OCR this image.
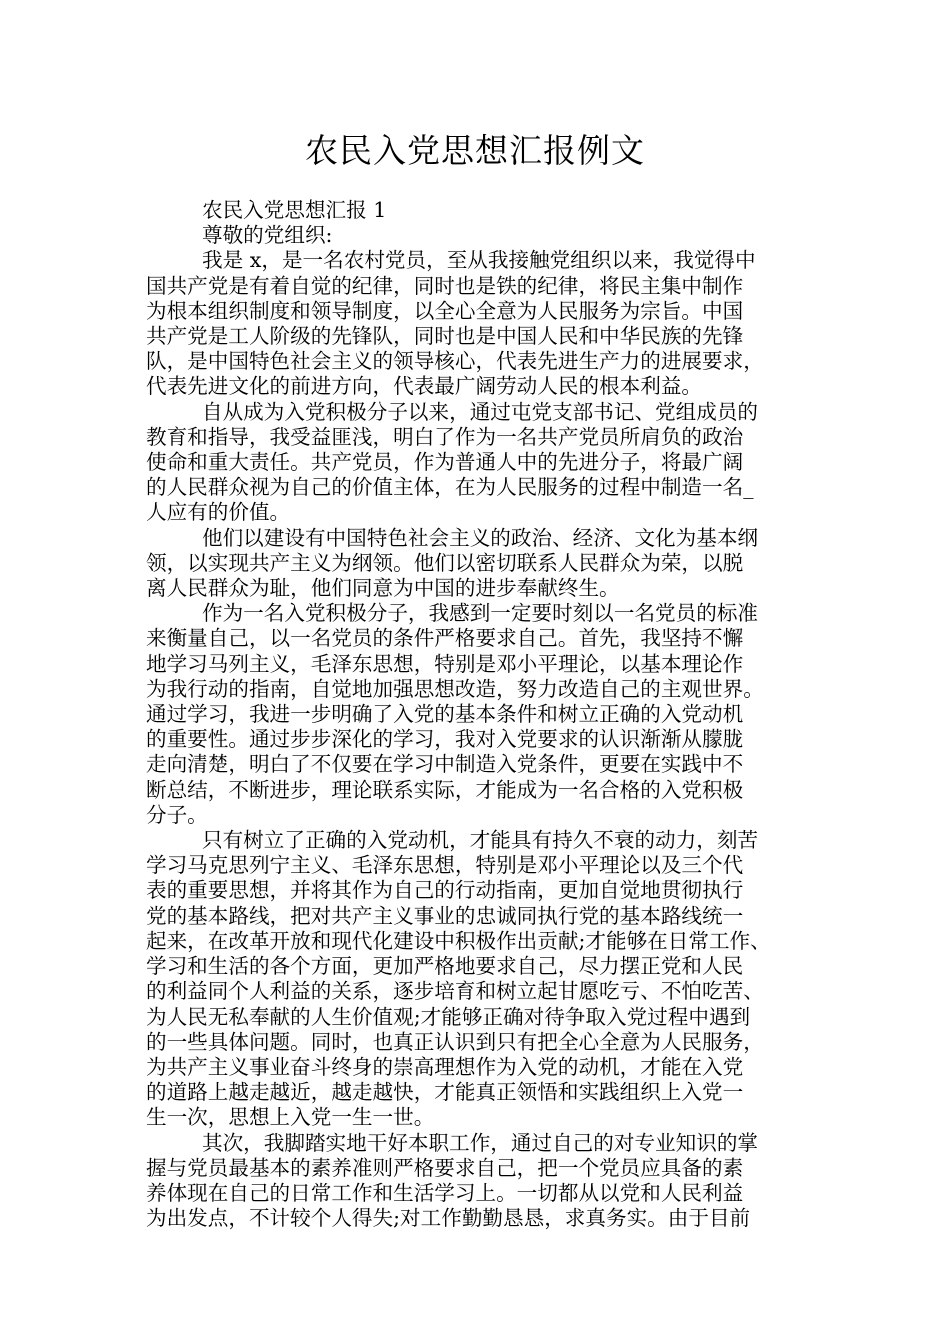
农民入党思想汇报例文
农民入党思想汇报 1
尊敬的党组织:
我是 x，是一名农村党员，至从我接触党组织以来，我觉得中
国共产党是有着自觉的纪律，同时也是铁的纪律，将民主集中制作
为根本组织制度和领导制度，以全心全意为人民服务为宗旨。中国
共产党是工人阶级的先锋队，同时也是中国人民和中华民族的先锋
队，是中国特色社会主义的领导核心，代表先进生产力的进展要求，
代表先进文化的前进方向，代表最广阔劳动人民的根本利益。
自从成为入党积极分子以来，通过屯党支部书记、党组成员的
教育和指导，我受益匪浅，明白了作为一名共产党员所肩负的政治
使命和重大责任。共产党员，作为普通人中的先进分子，将最广阔
的人民群众视为自己的价值主体，在为人民服务的过程中制造一名_
人应有的价值。
他们以建设有中国特色社会主义的政治、经济、文化为基本纲
领，以实现共产主义为纲领。他们以密切联系人民群众为荣，以脱
离人民群众为耻，他们同意为中国的进步奉献终生。
作为一名入党积极分子，我感到一定要时刻以一名党员的标准
来衡量自己，以一名党员的条件严格要求自己。首先，我坚持不懈
地学习马列主义，毛泽东思想，特别是邓小平理论，以基本理论作
为我行动的指南，自觉地加强思想改造，努力改造自己的主观世界。
通过学习，我进一步明确了入党的基本条件和树立正确的入党动机
的重要性。通过步步深化的学习，我对入党要求的认识渐渐从朦胧
走向清楚，明白了不仅要在学习中制造入党条件，更要在实践中不
断总结，不断进步，理论联系实际，才能成为一名合格的入党积极
分子。
只有树立了正确的入党动机，才能具有持久不衰的动力，刻苦
学习马克思列宁主义、毛泽东思想，特别是邓小平理论以及三个代
表的重要思想，并将其作为自己的行动指南，更加自觉地贯彻执行
党的基本路线，把对共产主义事业的忠诚同执行党的基本路线统一
起来，在改革开放和现代化建设中积极作出贡献;才能够在日常工作、
学习和生活的各个方面，更加严格地要求自己，尽力摆正党和人民
的利益同个人利益的关系，逐步培育和树立起甘愿吃亏、不怕吃苦、
为人民无私奉献的人生价值观;才能够正确对待争取入党过程中遇到
的一些具体问题。同时，也真正认识到只有把全心全意为人民服务，
为共产主义事业奋斗终身的崇高理想作为入党的动机，才能在入党
的道路上越走越近，越走越快，才能真正领悟和实践组织上入党一
生一次，思想上入党一生一世。
其次，我脚踏实地干好本职工作，通过自己的对专业知识的掌
握与党员最基本的素养准则严格要求自己，把一个党员应具备的素
养体现在自己的日常工作和生活学习上。一切都从以党和人民利益
为出发点，不计较个人得失;对工作勤勤恳恳，求真务实。由于目前
